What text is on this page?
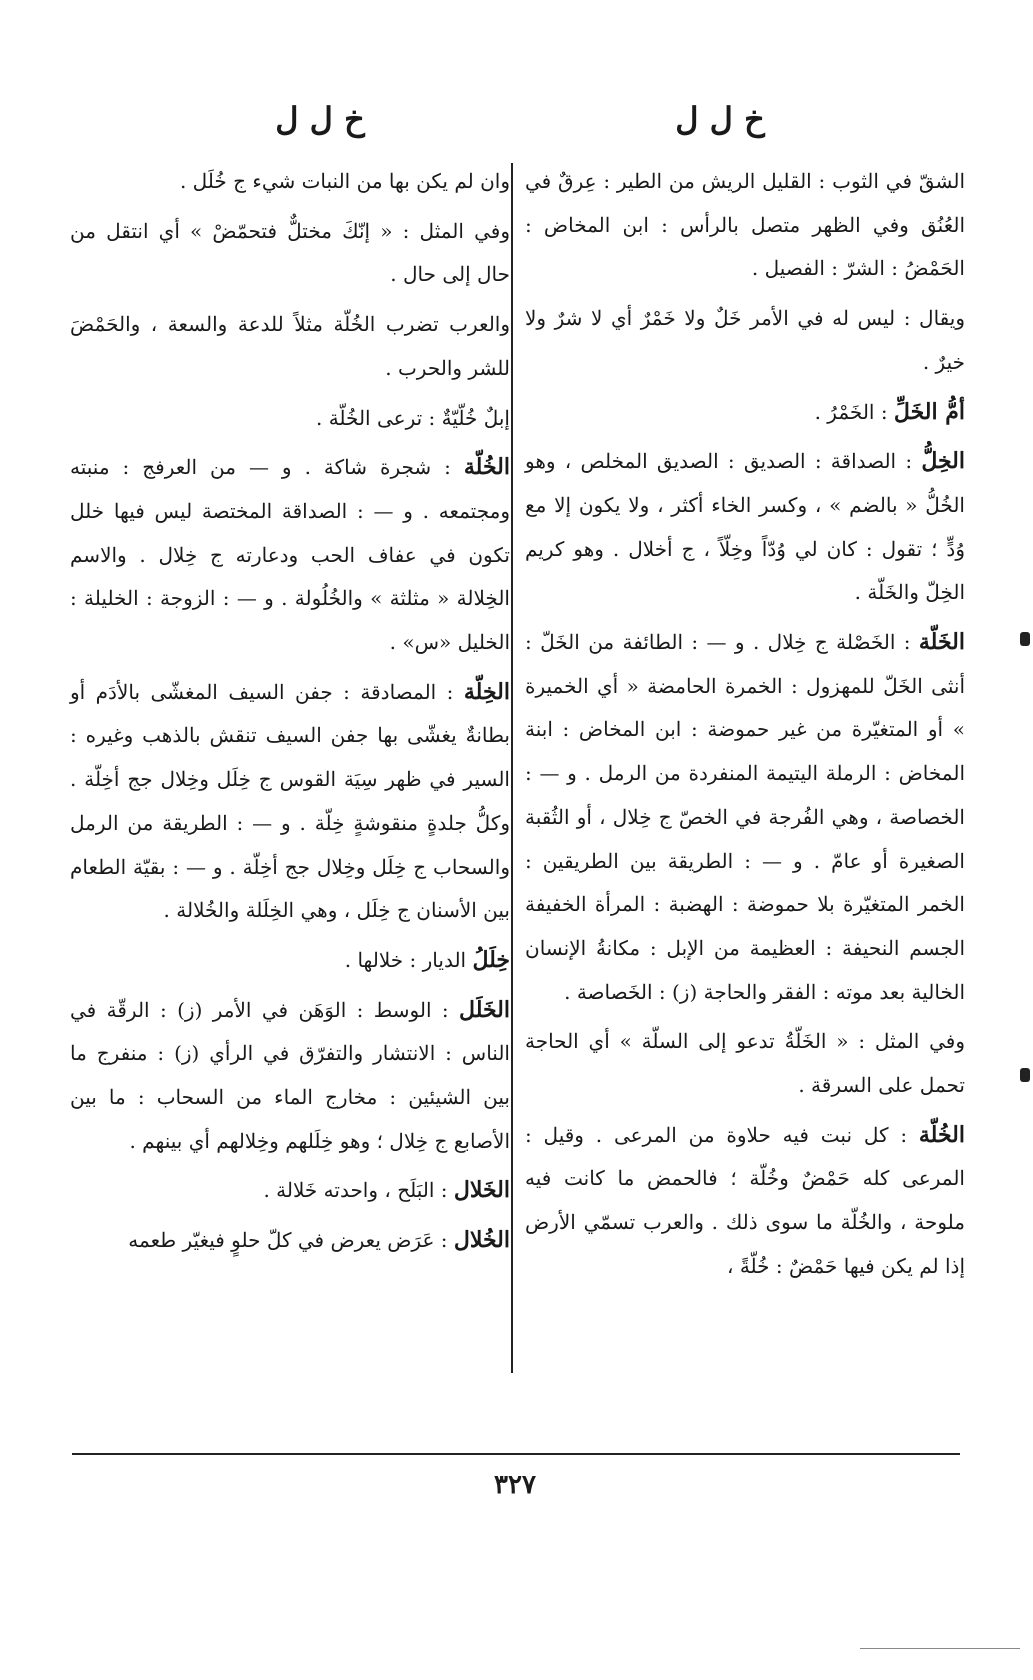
خ ل ل
خ ل ل

الشقّ في الثوب : القليل الريش من الطير : عِرقٌ في العُنُق وفي الظهر متصل بالرأس : ابن المخاض : الحَمْضُ : الشرّ : الفصيل .

ويقال : ليس له في الأمر خَلٌ ولا خَمْرٌ أي لا شرٌ ولا خيرٌ .

أمُّ الخَلِّ : الخَمْرُ .

الخِلُّ : الصداقة : الصديق : الصديق المخلص ، وهو الخُلُّ « بالضم » ، وكسر الخاء أكثر ، ولا يكون إلا مع وُدٍّ ؛ تقول : كان لي وُدّاً وخِلّاً ، ج أخلال . وهو كريم الخِلّ والخَلّة .

الخَلّة : الخَصْلة ج خِلال . و — : الطائفة من الخَلّ : أنثى الخَلّ للمهزول : الخمرة الحامضة « أي الخميرة » أو المتغيّرة من غير حموضة : ابن المخاض : ابنة المخاض : الرملة اليتيمة المنفردة من الرمل . و — : الخصاصة ، وهي الفُرجة في الخصّ ج خِلال ، أو الثُقبة الصغيرة أو عامّ . و — : الطريقة بين الطريقين : الخمر المتغيّرة بلا حموضة : الهضبة : المرأة الخفيفة الجسم النحيفة : العظيمة من الإبل : مكانةُ الإنسان الخالية بعد موته : الفقر والحاجة (ز) : الخَصاصة .

وفي المثل : « الخَلّةُ تدعو إلى السلّة » أي الحاجة تحمل على السرقة .

الخُلّة : كل نبت فيه حلاوة من المرعى . وقيل : المرعى كله حَمْضٌ وخُلّة ؛ فالحمض ما كانت فيه ملوحة ، والخُلّة ما سوى ذلك . والعرب تسمّي الأرض إذا لم يكن فيها حَمْضٌ : خُلّةً ،

وان لم يكن بها من النبات شيء ج خُلَل .

وفي المثل : « إنّكَ مختلٌّ فتحمّضْ » أي انتقل من حال إلى حال .

والعرب تضرب الخُلّة مثلاً للدعة والسعة ، والحَمْضَ للشر والحرب .

إبلٌ خُلّيّةٌ : ترعى الخُلّة .

الخُلّة : شجرة شاكة . و — من العرفج : منبته ومجتمعه . و — : الصداقة المختصة ليس فيها خلل تكون في عفاف الحب ودعارته ج خِلال . والاسم الخِلالة « مثلثة » والخُلُولة . و — : الزوجة : الخليلة : الخليل «س» .

الخِلّة : المصادقة : جفن السيف المغشّى بالأدَم أو بطانةٌ يغشّى بها جفن السيف تنقش بالذهب وغيره : السير في ظهر سِيَة القوس ج خِلَل وخِلال جج أخِلّة . وكلُّ جلدةٍ منقوشةٍ خِلّة . و — : الطريقة من الرمل والسحاب ج خِلَل وخِلال جج أخِلّة . و — : بقيّة الطعام بين الأسنان ج خِلَل ، وهي الخِلَلة والخُلالة .

خِلَلُ الديار : خلالها .

الخَلَل : الوسط : الوَهَن في الأمر (ز) : الرقّة في الناس : الانتشار والتفرّق في الرأي (ز) : منفرج ما بين الشيئين : مخارج الماء من السحاب : ما بين الأصابع ج خِلال ؛ وهو خِلَلهم وخِلالهم أي بينهم .

الخَلال : البَلَح ، واحدته خَلالة .

الخُلال : عَرَض يعرض في كلّ حلوٍ فيغيّر طعمه

٣٢٧
